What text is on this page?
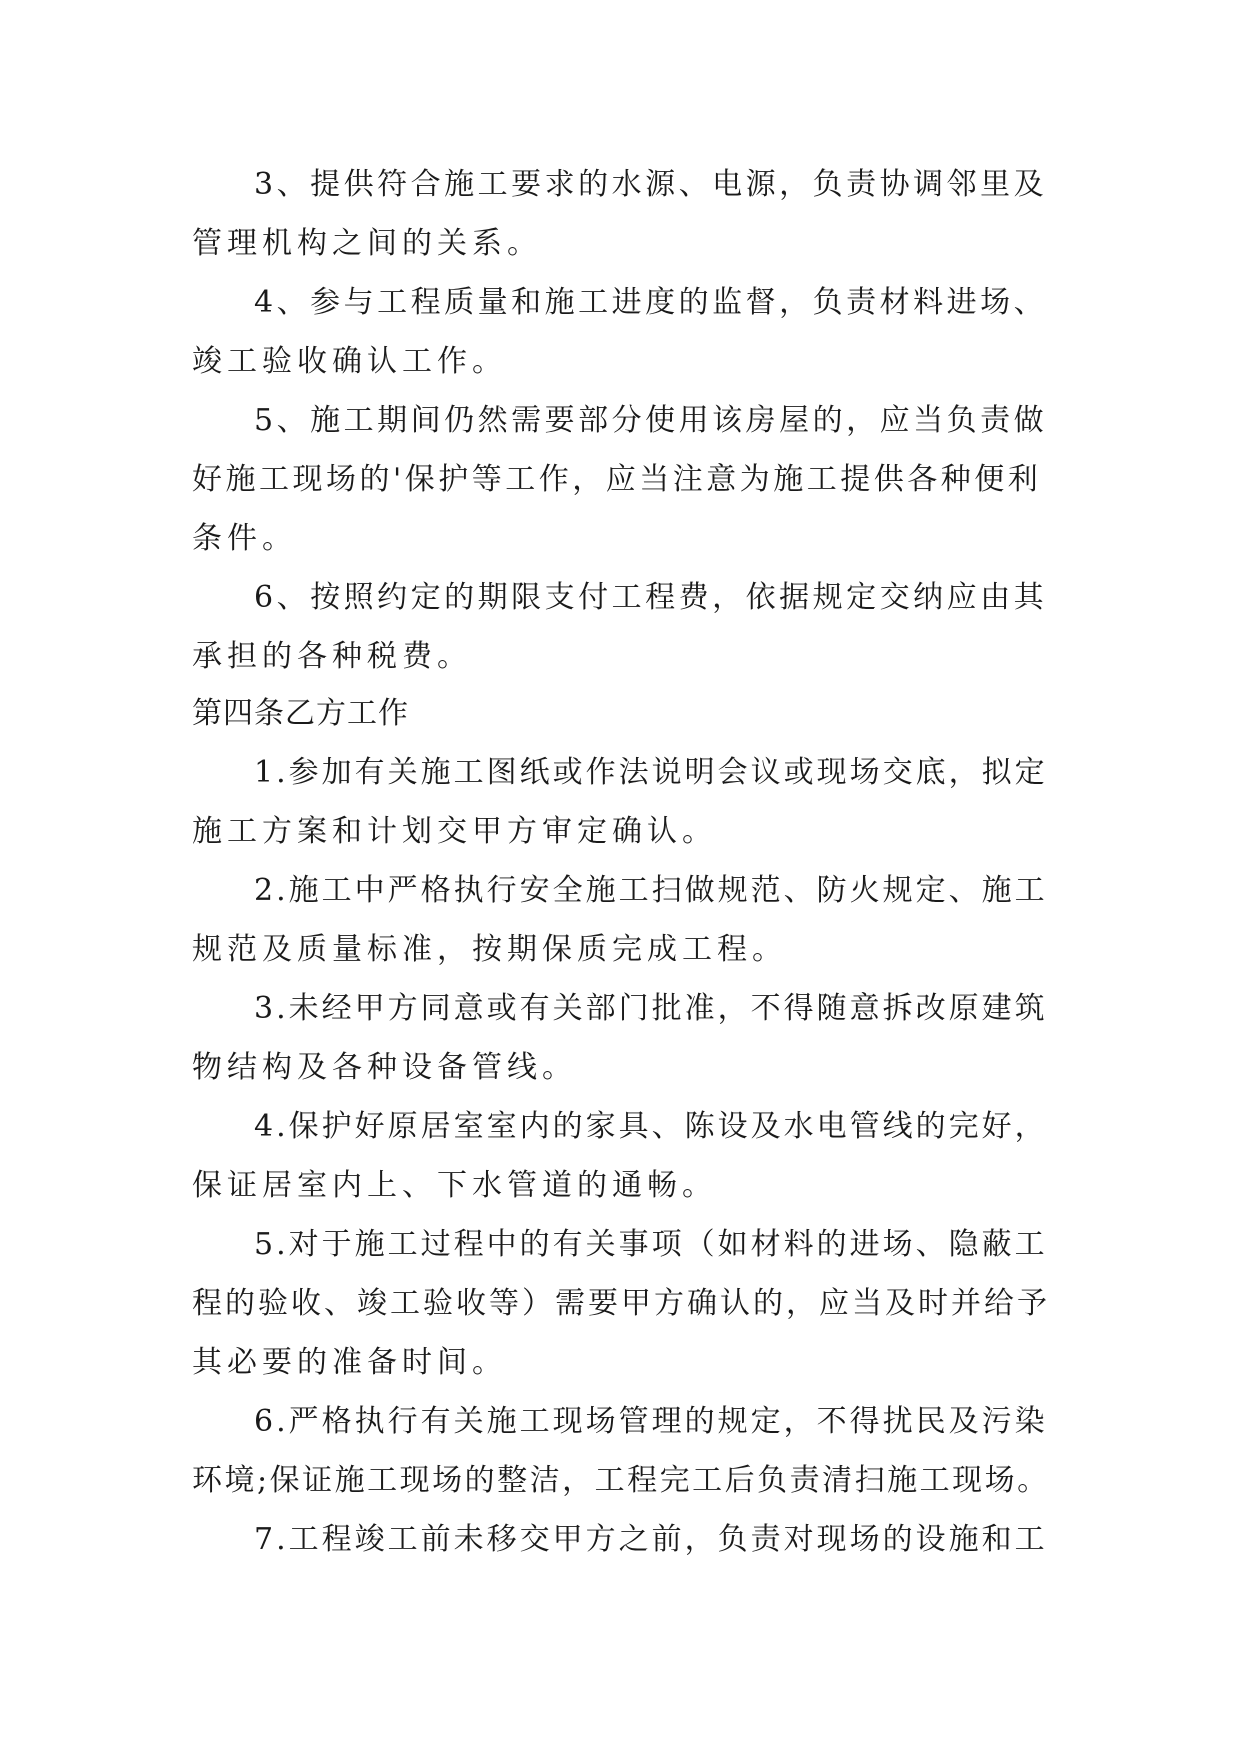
3、提供符合施工要求的水源、电源，负责协调邻里及
管理机构之间的关系。
4、参与工程质量和施工进度的监督，负责材料进场、
竣工验收确认工作。
5、施工期间仍然需要部分使用该房屋的，应当负责做
好施工现场的'保护等工作，应当注意为施工提供各种便利
条件。
6、按照约定的期限支付工程费，依据规定交纳应由其
承担的各种税费。
第四条乙方工作
1.参加有关施工图纸或作法说明会议或现场交底，拟定
施工方案和计划交甲方审定确认。
2.施工中严格执行安全施工扫做规范、防火规定、施工
规范及质量标准，按期保质完成工程。
3.未经甲方同意或有关部门批准，不得随意拆改原建筑
物结构及各种设备管线。
4.保护好原居室室内的家具、陈设及水电管线的完好，
保证居室内上、下水管道的通畅。
5.对于施工过程中的有关事项（如材料的进场、隐蔽工
程的验收、竣工验收等）需要甲方确认的，应当及时并给予
其必要的准备时间。
6.严格执行有关施工现场管理的规定，不得扰民及污染
环境;保证施工现场的整洁，工程完工后负责清扫施工现场。
7.工程竣工前未移交甲方之前，负责对现场的设施和工
